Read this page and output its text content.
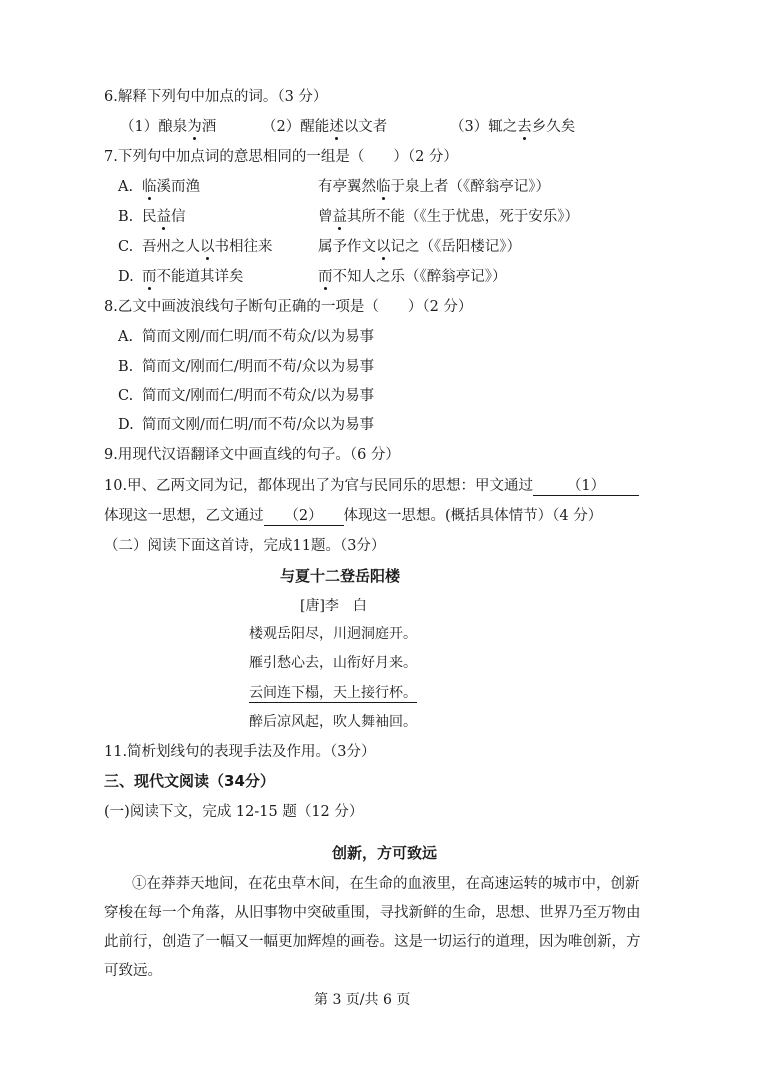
6.解释下列句中加点的词。（3 分）
（1）酿泉为酒	（2）醒能述以文者	（3）辄之去乡久矣
7.下列句中加点词的意思相同的一组是（　　）（2 分）
A. 临溪而渔	有亭翼然临于泉上者（《醉翁亭记》）
B. 民益信	曾益其所不能（《生于忧患，死于安乐》）
C. 吾州之人以书相往来	属予作文以记之（《岳阳楼记》）
D. 而不能道其详矣	而不知人之乐（《醉翁亭记》）
8.乙文中画波浪线句子断句正确的一项是（　　）（2 分）
A. 简而文刚/而仁明/而不苟众/以为易事
B. 简而文/刚而仁/明而不苟/众以为易事
C. 简而文/刚而仁/明而不苟众/以为易事
D. 简而文刚/而仁明/而不苟/众以为易事
9.用现代汉语翻译文中画直线的句子。（6 分）
10.甲、乙两文同为记，都体现出了为官与民同乐的思想：甲文通过 （1）
体现这一思想，乙文通过 （2） 体现这一思想。(概括具体情节）（4 分）
（二）阅读下面这首诗，完成11题。（3分）
与夏十二登岳阳楼
[唐]李　白
楼观岳阳尽，川迥洞庭开。
雁引愁心去，山衔好月来。
云间连下榻，天上接行杯。
醉后凉风起，吹人舞袖回。
11.简析划线句的表现手法及作用。（3分）
三、现代文阅读（34分）
(一)阅读下文，完成 12-15 题（12 分）
创新，方可致远
①在莽莽天地间，在花虫草木间，在生命的血液里，在高速运转的城市中，创新
穿梭在每一个角落，从旧事物中突破重围，寻找新鲜的生命，思想、世界乃至万物由
此前行，创造了一幅又一幅更加辉煌的画卷。这是一切运行的道理，因为唯创新，方
可致远。
第 3 页/共 6 页
